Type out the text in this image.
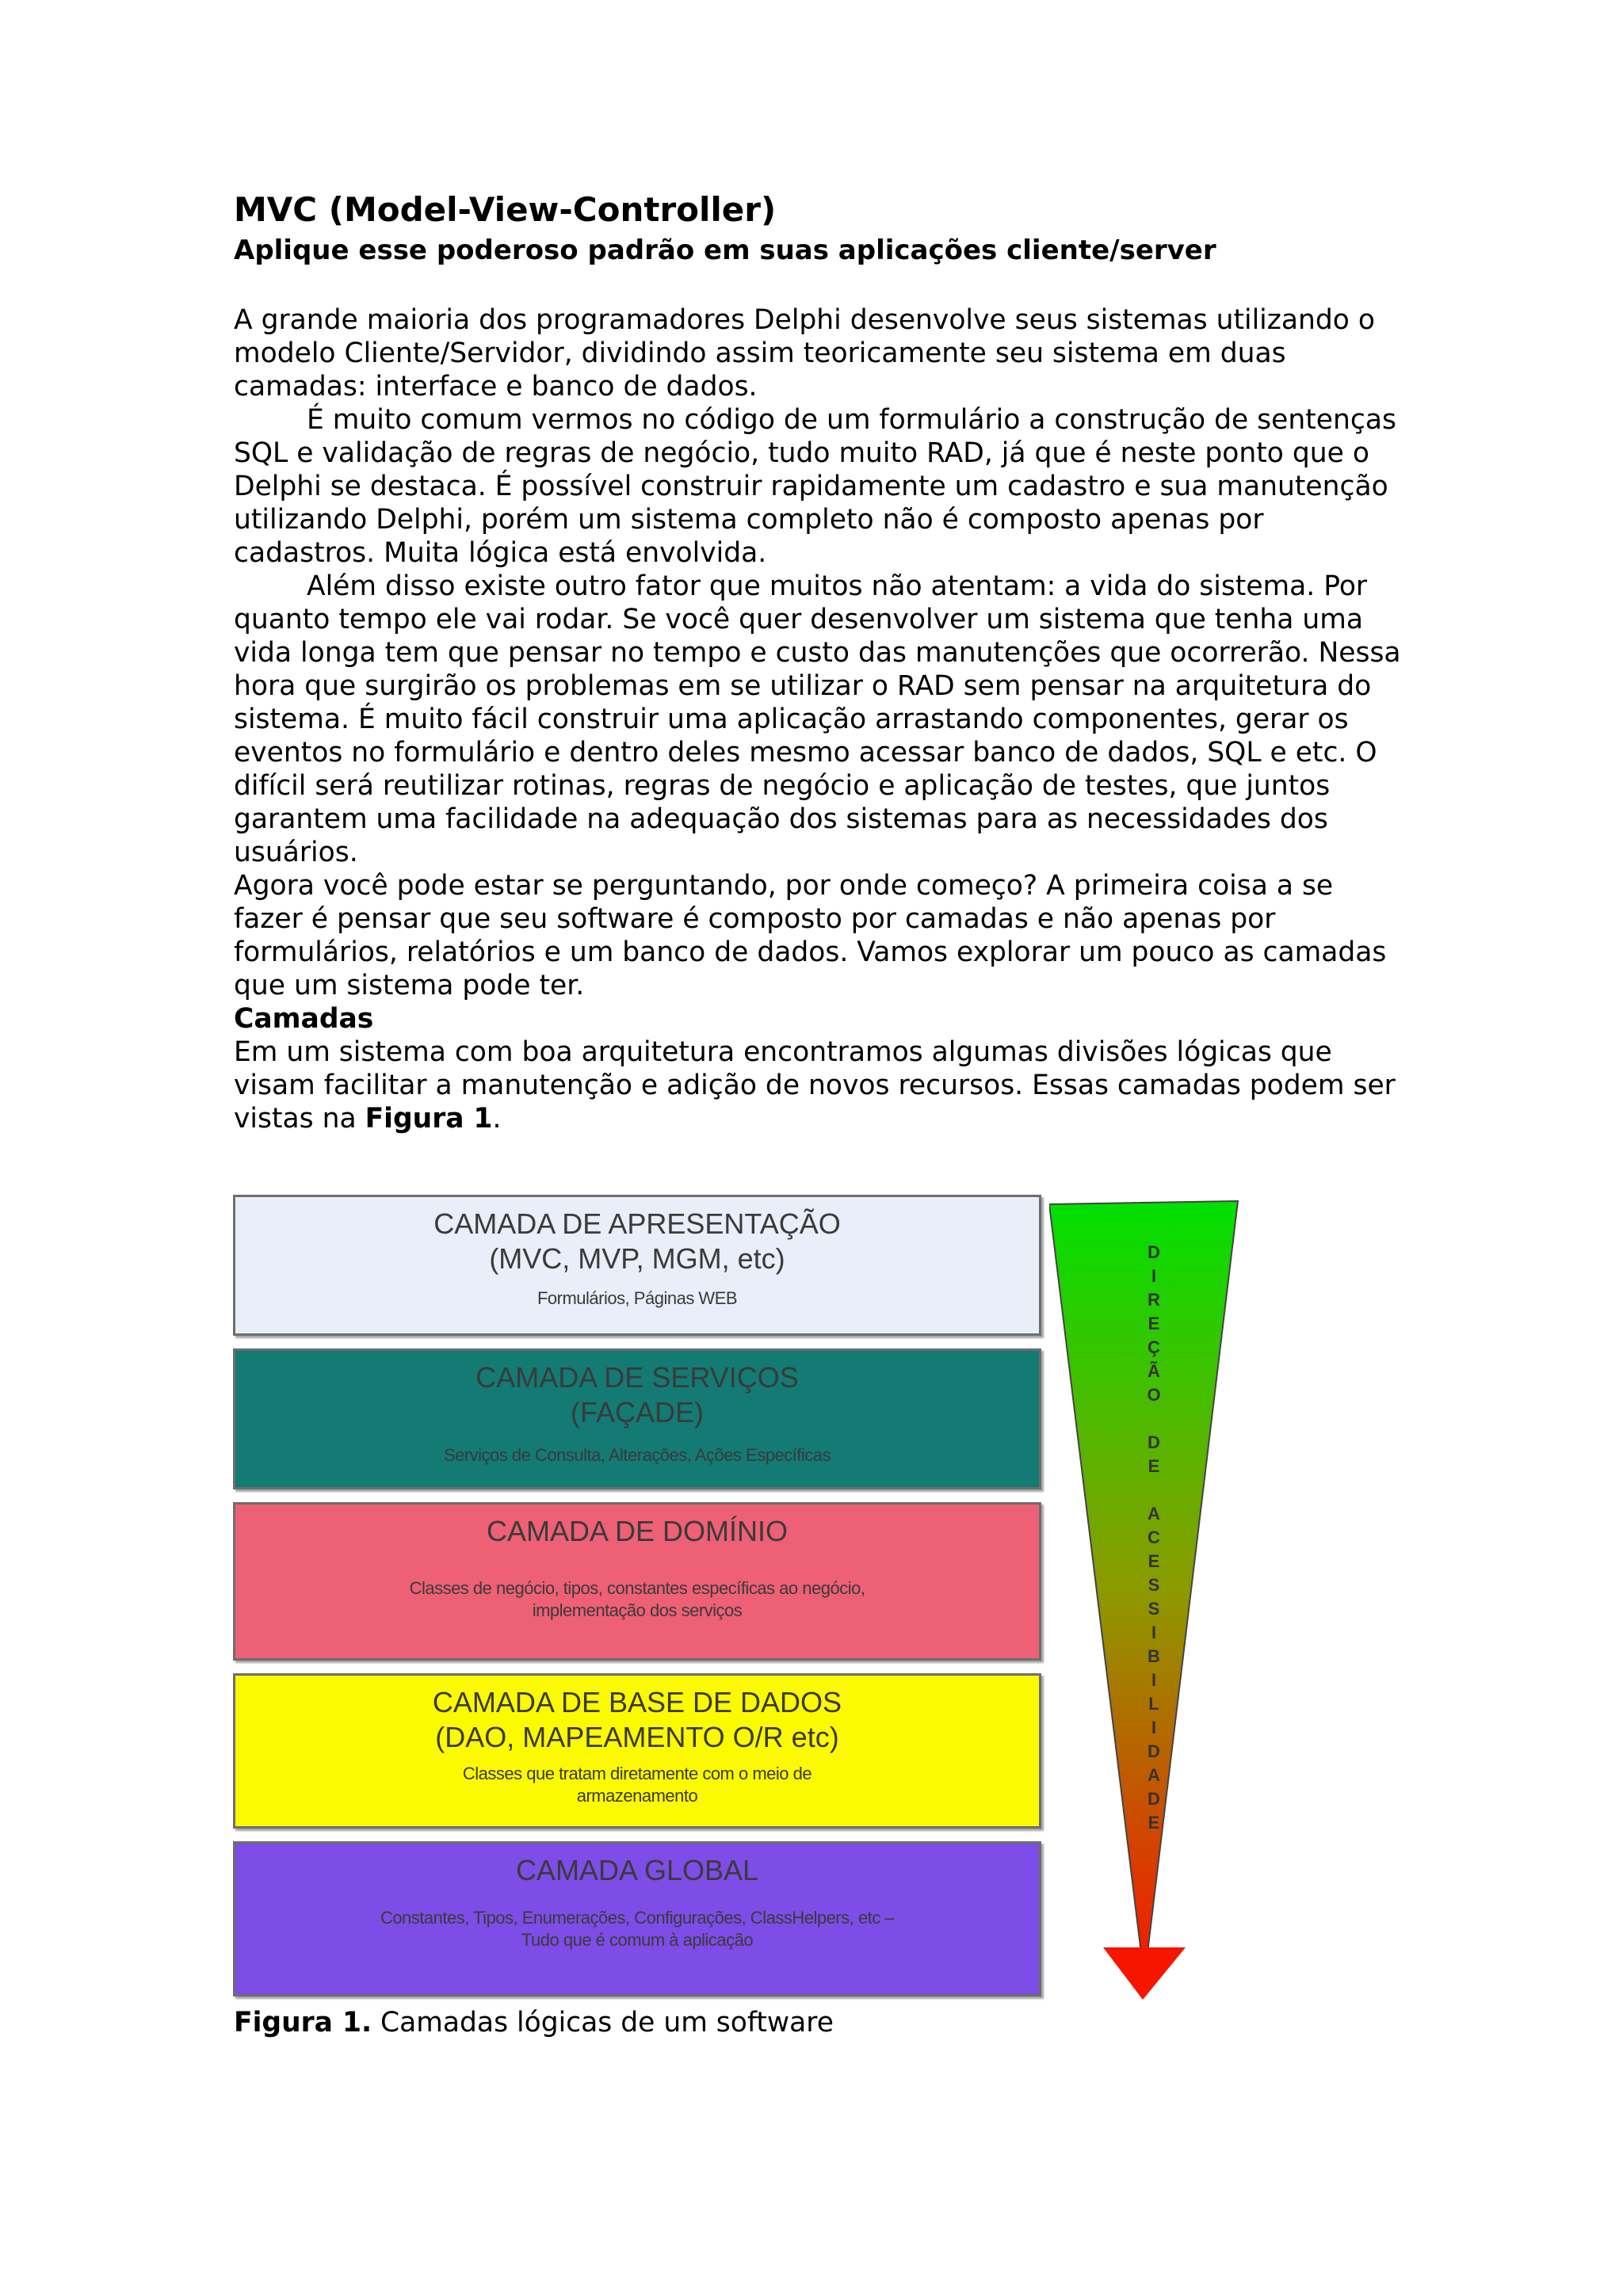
MVC (Model-View-Controller)
Aplique esse poderoso padrão em suas aplicações cliente/server

A grande maioria dos programadores Delphi desenvolve seus sistemas utilizando o modelo Cliente/Servidor, dividindo assim teoricamente seu sistema em duas camadas: interface e banco de dados.

É muito comum vermos no código de um formulário a construção de sentenças SQL e validação de regras de negócio, tudo muito RAD, já que é neste ponto que o Delphi se destaca. É possível construir rapidamente um cadastro e sua manutenção utilizando Delphi, porém um sistema completo não é composto apenas por cadastros. Muita lógica está envolvida.

Além disso existe outro fator que muitos não atentam: a vida do sistema. Por quanto tempo ele vai rodar. Se você quer desenvolver um sistema que tenha uma vida longa tem que pensar no tempo e custo das manutenções que ocorrerão. Nessa hora que surgirão os problemas em se utilizar o RAD sem pensar na arquitetura do sistema. É muito fácil construir uma aplicação arrastando componentes, gerar os eventos no formulário e dentro deles mesmo acessar banco de dados, SQL e etc. O difícil será reutilizar rotinas, regras de negócio e aplicação de testes, que juntos garantem uma facilidade na adequação dos sistemas para as necessidades dos usuários.

Agora você pode estar se perguntando, por onde começo? A primeira coisa a se fazer é pensar que seu software é composto por camadas e não apenas por formulários, relatórios e um banco de dados. Vamos explorar um pouco as camadas que um sistema pode ter.

Camadas

Em um sistema com boa arquitetura encontramos algumas divisões lógicas que visam facilitar a manutenção e adição de novos recursos. Essas camadas podem ser vistas na Figura 1.

CAMADA DE APRESENTAÇÃO
(MVC, MVP, MGM, etc)
Formulários, Páginas WEB
CAMADA DE SERVIÇOS
(FAÇADE)
Serviços de Consulta, Alterações, Ações Específicas
CAMADA DE DOMÍNIO
Classes de negócio, tipos, constantes específicas ao negócio,
implementação dos serviços
CAMADA DE BASE DE DADOS
(DAO, MAPEAMENTO O/R etc)
Classes que tratam diretamente com o meio de
armazenamento
CAMADA GLOBAL
Constantes, Tipos, Enumerações, Configurações, ClassHelpers, etc –
Tudo que é comum à aplicação
D
I
R
E
Ç
Ã
O

D
E

A
C
E
S
S
I
B
I
L
I
D
A
D
E
Figura 1. Camadas lógicas de um software
